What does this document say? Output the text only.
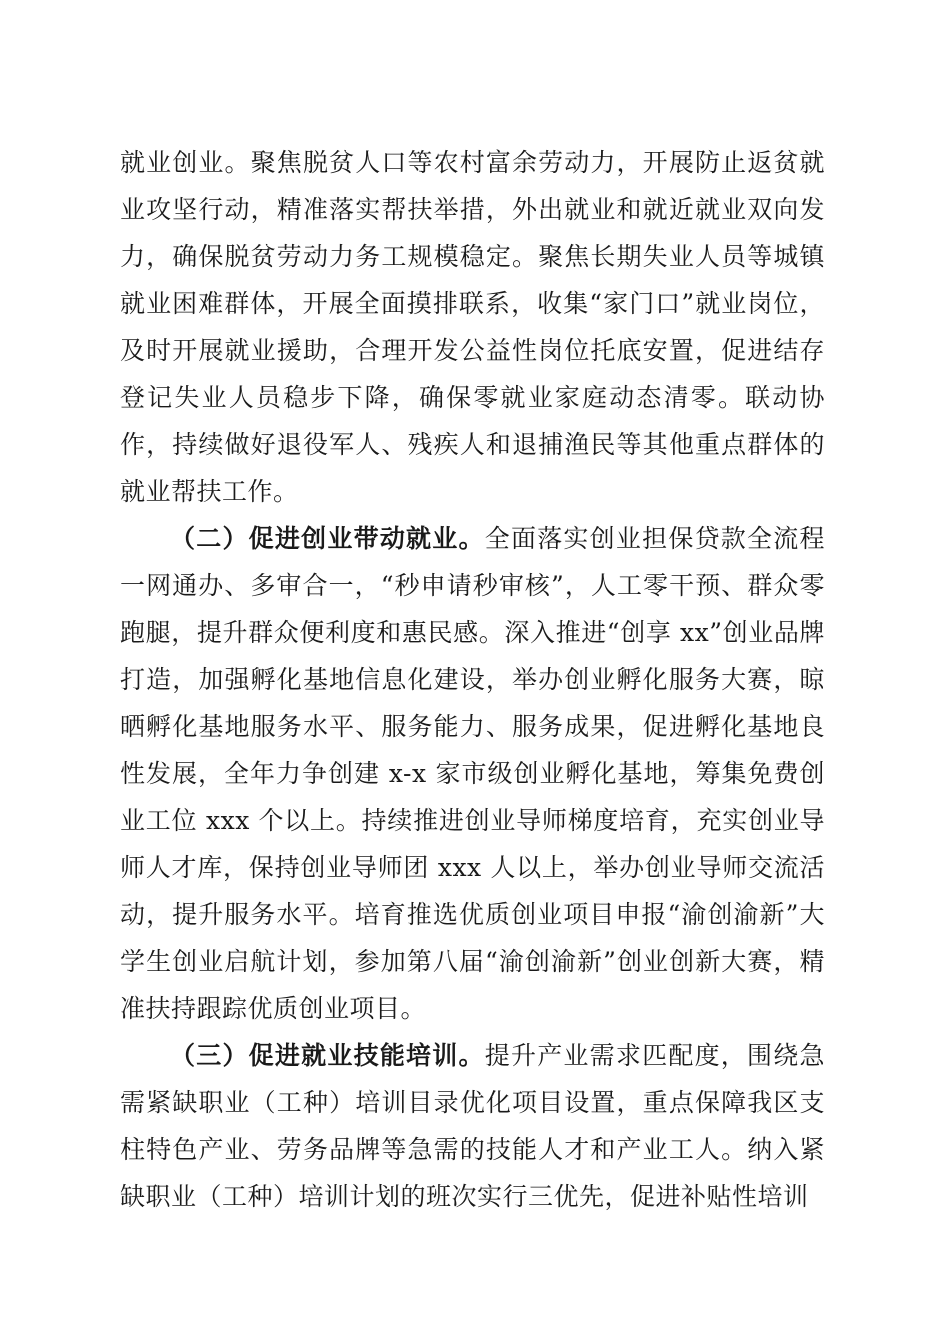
就业创业。聚焦脱贫人口等农村富余劳动力，开展防止返贫就业攻坚行动，精准落实帮扶举措，外出就业和就近就业双向发力，确保脱贫劳动力务工规模稳定。聚焦长期失业人员等城镇就业困难群体，开展全面摸排联系，收集“家门口”就业岗位，及时开展就业援助，合理开发公益性岗位托底安置，促进结存登记失业人员稳步下降，确保零就业家庭动态清零。联动协作，持续做好退役军人、残疾人和退捕渔民等其他重点群体的就业帮扶工作。

（二）促进创业带动就业。全面落实创业担保贷款全流程一网通办、多审合一，“秒申请秒审核”，人工零干预、群众零跑腿，提升群众便利度和惠民感。深入推进“创享 xx”创业品牌打造，加强孵化基地信息化建设，举办创业孵化服务大赛，晾晒孵化基地服务水平、服务能力、服务成果，促进孵化基地良性发展，全年力争创建 x-x 家市级创业孵化基地，筹集免费创业工位 xxx 个以上。持续推进创业导师梯度培育，充实创业导师人才库，保持创业导师团 xxx 人以上，举办创业导师交流活动，提升服务水平。培育推选优质创业项目申报“渝创渝新”大学生创业启航计划，参加第八届“渝创渝新”创业创新大赛，精准扶持跟踪优质创业项目。

（三）促进就业技能培训。提升产业需求匹配度，围绕急需紧缺职业（工种）培训目录优化项目设置，重点保障我区支柱特色产业、劳务品牌等急需的技能人才和产业工人。纳入紧缺职业（工种）培训计划的班次实行三优先，促进补贴性培训
